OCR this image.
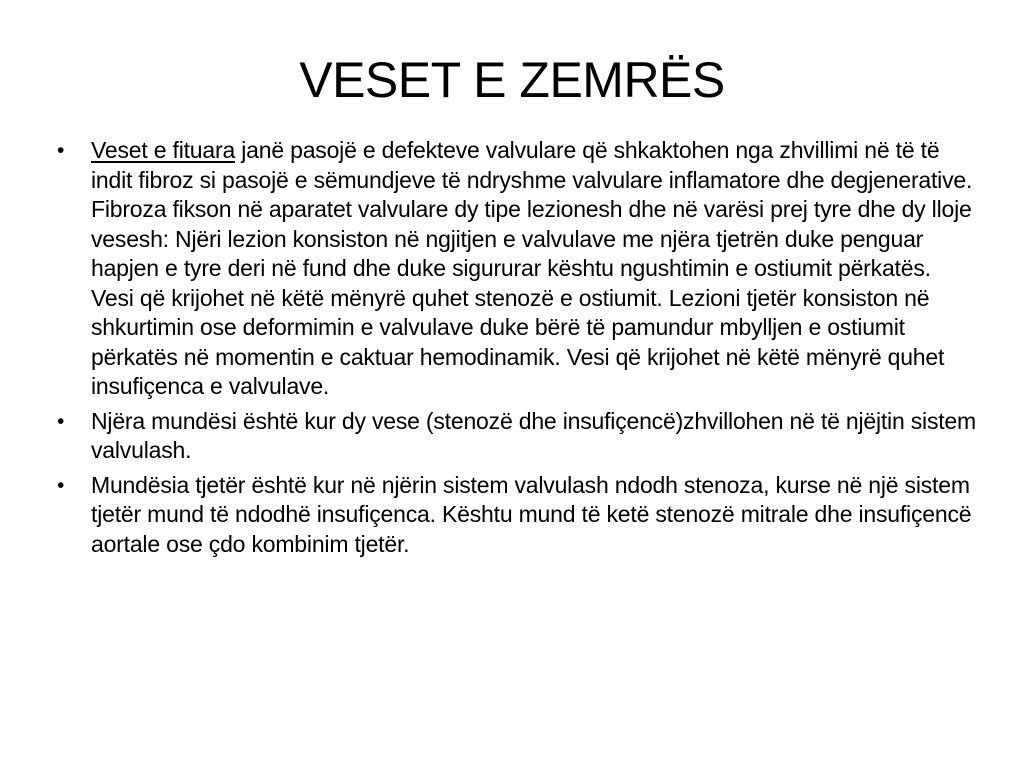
VESET E ZEMRËS
• Veset e fituara janë pasojë e defekteve valvulare që shkaktohen nga zhvillimi në të të indit fibroz si pasojë e sëmundjeve të ndryshme valvulare inflamatore dhe degjenerative. Fibroza fikson në aparatet valvulare dy tipe lezionesh dhe në varësi prej tyre dhe dy lloje vesesh: Njëri lezion konsiston në ngjitjen e valvulave me njëra tjetrën duke penguar hapjen e tyre deri në fund dhe duke sigururar kështu ngushtimin e ostiumit përkatës. Vesi që krijohet në këtë mënyrë quhet stenozë e ostiumit. Lezioni tjetër konsiston në shkurtimin ose deformimin e valvulave duke bërë të pamundur mbylljen e ostiumit përkatës në momentin e caktuar hemodinamik. Vesi që krijohet në këtë mënyrë quhet insufiçenca e valvulave.
• Njëra mundësi është kur dy vese (stenozë dhe insufiçencë)zhvillohen në të njëjtin sistem valvulash.
• Mundësia tjetër është kur në njërin sistem valvulash ndodh stenoza, kurse në një sistem tjetër mund të ndodhë insufiçenca. Kështu mund të ketë stenozë mitrale dhe insufiçencë aortale ose çdo kombinim tjetër.
